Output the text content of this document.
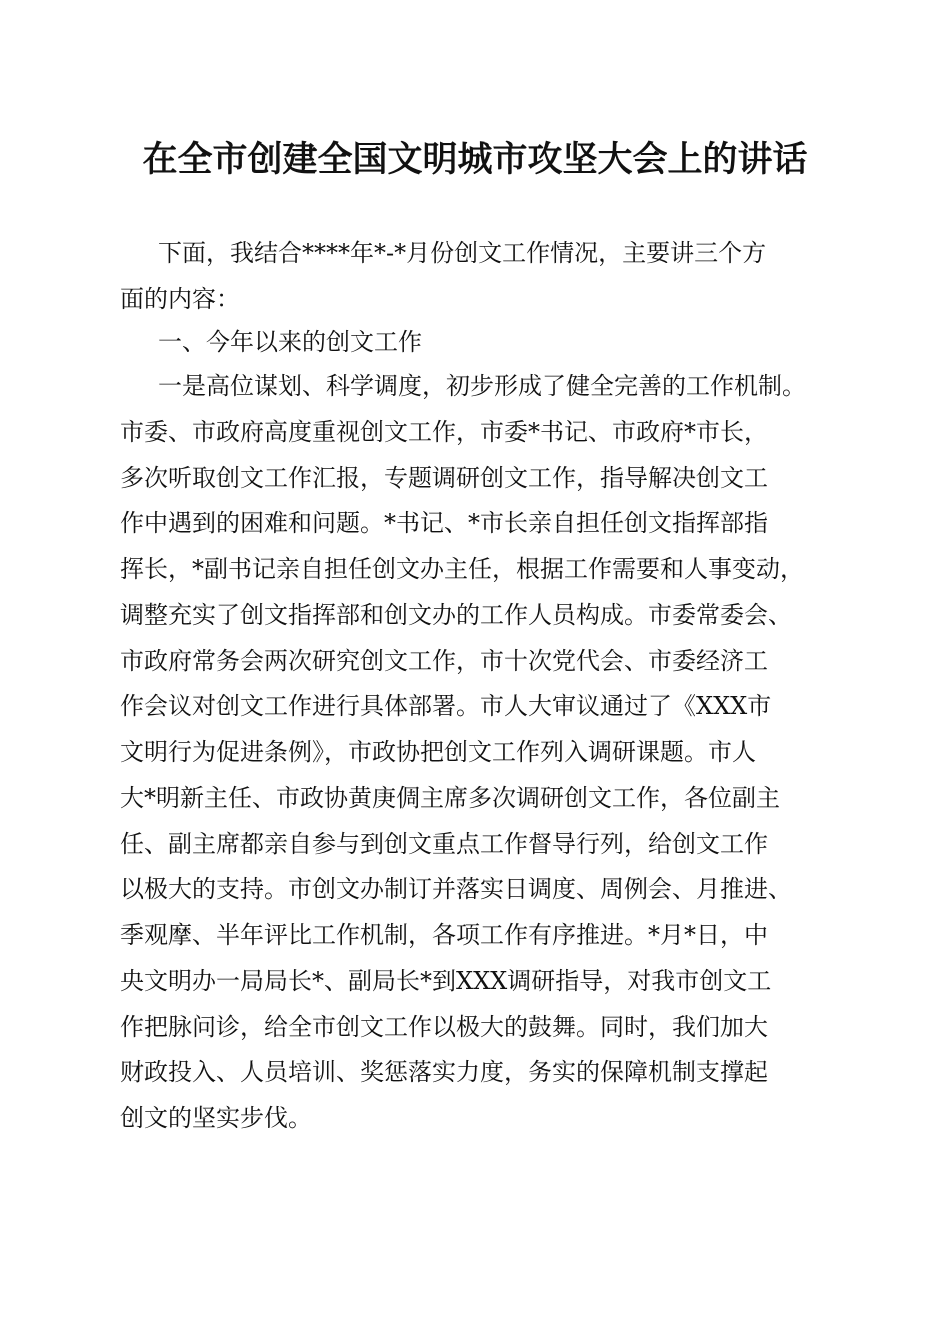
在全市创建全国文明城市攻坚大会上的讲话

下面，我结合****年*-*月份创文工作情况，主要讲三个方

面的内容：

一、今年以来的创文工作

一是高位谋划、科学调度，初步形成了健全完善的工作机制。

市委、市政府高度重视创文工作，市委*书记、市政府*市长，

多次听取创文工作汇报，专题调研创文工作，指导解决创文工

作中遇到的困难和问题。*书记、*市长亲自担任创文指挥部指

挥长，*副书记亲自担任创文办主任，根据工作需要和人事变动，

调整充实了创文指挥部和创文办的工作人员构成。市委常委会、

市政府常务会两次研究创文工作，市十次党代会、市委经济工

作会议对创文工作进行具体部署。市人大审议通过了《XXX市

文明行为促进条例》，市政协把创文工作列入调研课题。市人

大*明新主任、市政协黄庚倜主席多次调研创文工作，各位副主

任、副主席都亲自参与到创文重点工作督导行列，给创文工作

以极大的支持。市创文办制订并落实日调度、周例会、月推进、

季观摩、半年评比工作机制，各项工作有序推进。*月*日，中

央文明办一局局长*、副局长*到XXX调研指导，对我市创文工

作把脉问诊，给全市创文工作以极大的鼓舞。同时，我们加大

财政投入、人员培训、奖惩落实力度，务实的保障机制支撑起

创文的坚实步伐。
